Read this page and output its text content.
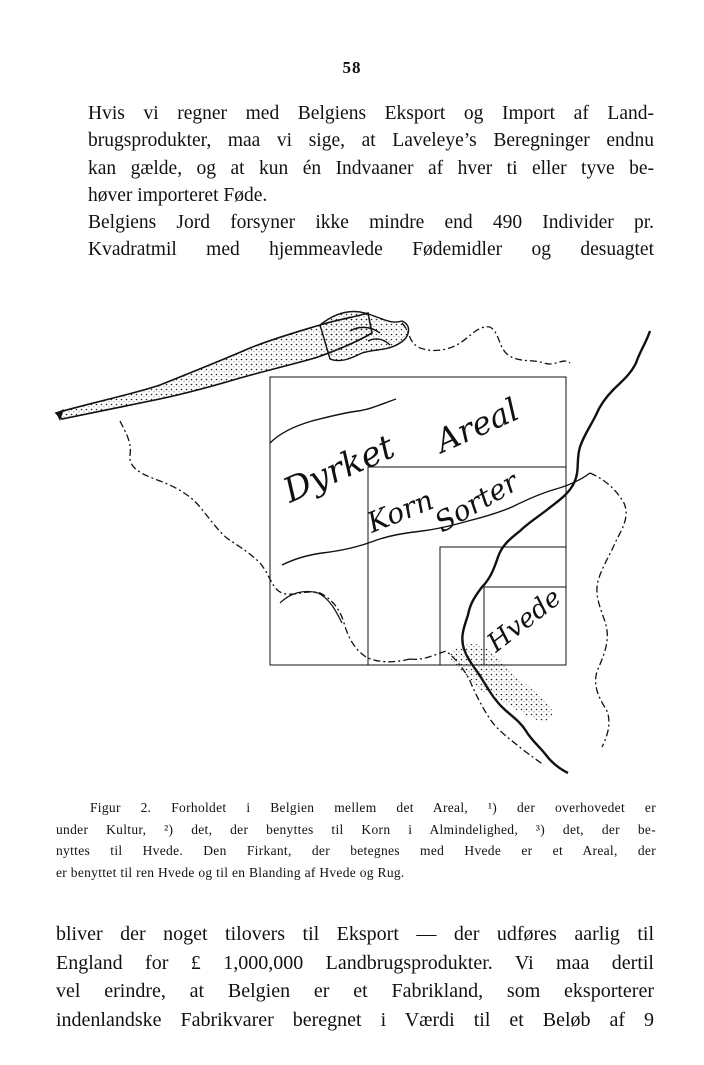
58

Hvis vi regner med Belgiens Eksport og Import af Land-
brugsprodukter, maa vi sige, at Laveleye’s Beregninger endnu
kan gælde, og at kun én Indvaaner af hver ti eller tyve be-
høver importeret Føde.

Belgiens Jord forsyner ikke mindre end 490 Individer pr.
Kvadratmil med hjemmeavlede Fødemidler og desuagtet

Dyrket
Areal
Korn
Sorter
Hvede

Figur 2. Forholdet i Belgien mellem det Areal, ¹) der overhovedet er
under Kultur, ²) det, der benyttes til Korn i Almindelighed, ³) det, der be-
nyttes til Hvede. Den Firkant, der betegnes med Hvede er et Areal, der
er benyttet til ren Hvede og til en Blanding af Hvede og Rug.

bliver der noget tilovers til Eksport — der udføres aarlig til
England for £ 1,000,000 Landbrugsprodukter. Vi maa dertil
vel erindre, at Belgien er et Fabrikland, som eksporterer
indenlandske Fabrikvarer beregnet i Værdi til et Beløb af 9
